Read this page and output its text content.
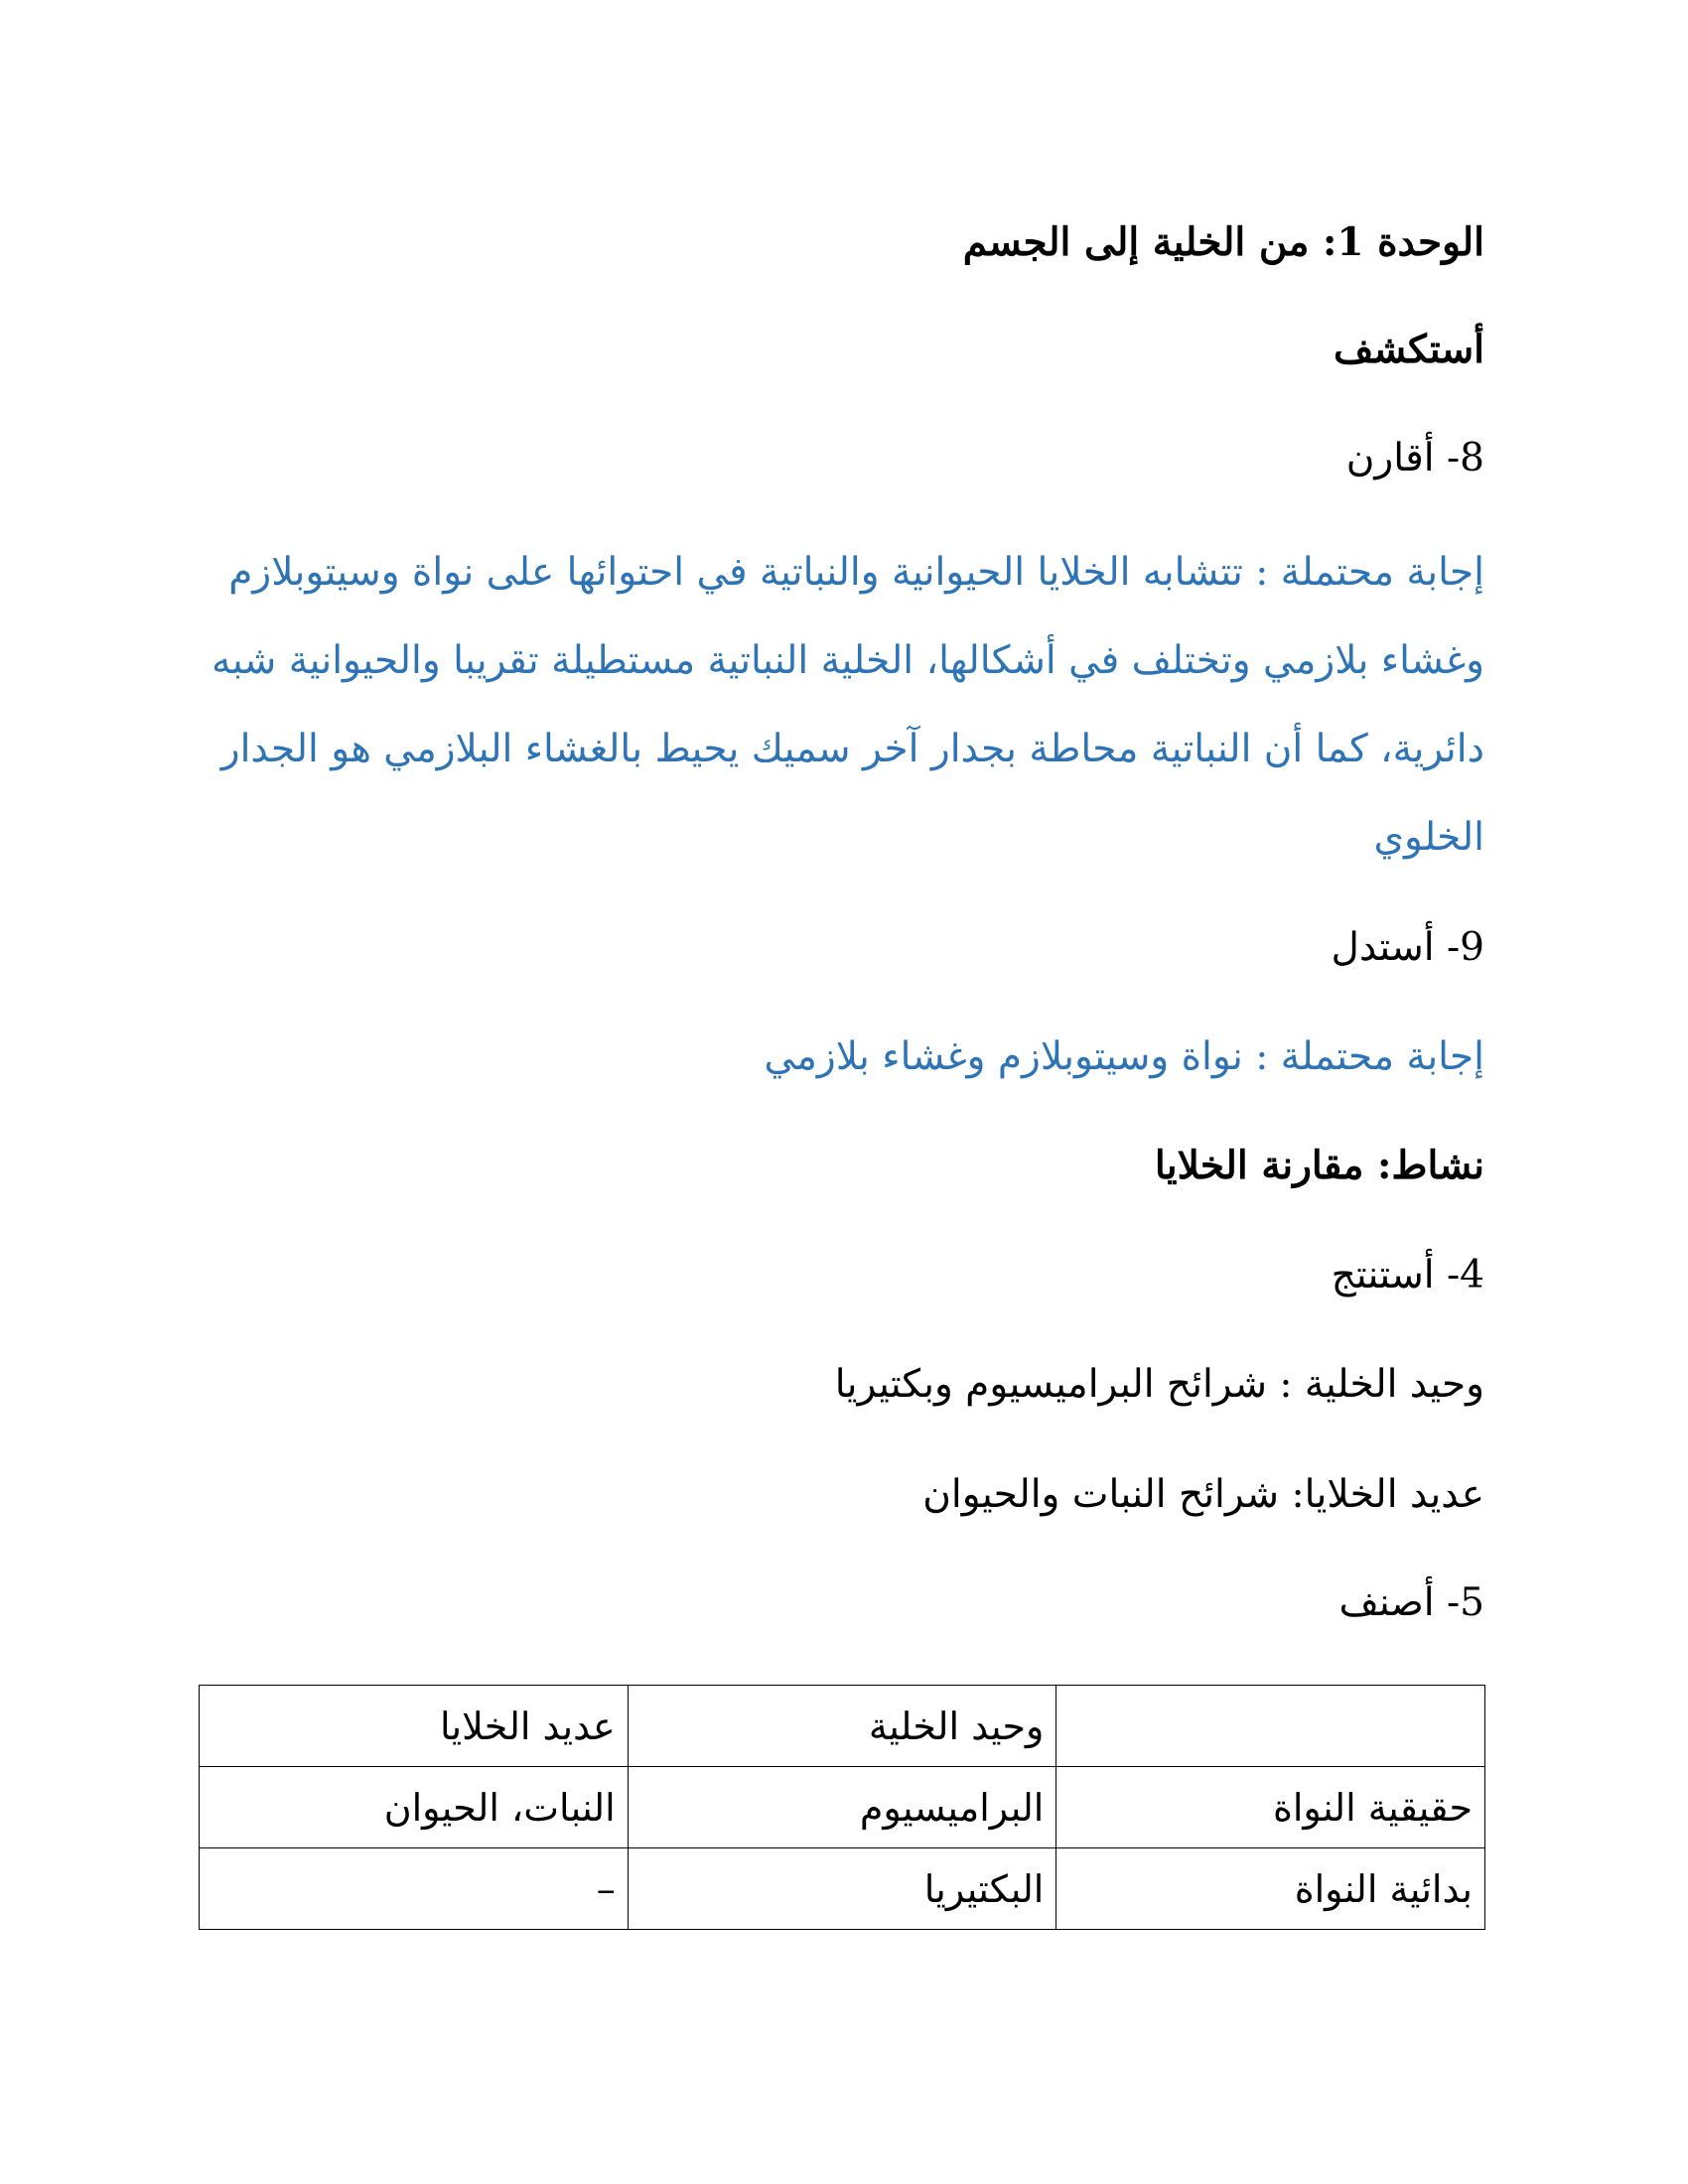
الوحدة 1: من الخلية إلى الجسم
أستكشف
8- أقارن
إجابة محتملة : تتشابه الخلايا الحيوانية والنباتية في احتوائها على نواة وسيتوبلازم
وغشاء بلازمي وتختلف في أشكالها، الخلية النباتية مستطيلة تقريبا والحيوانية شبه
دائرية، كما أن النباتية محاطة بجدار آخر سميك يحيط بالغشاء البلازمي هو الجدار
الخلوي
9- أستدل
إجابة محتملة : نواة وسيتوبلازم وغشاء بلازمي
نشاط: مقارنة الخلايا
4- أستنتج
وحيد الخلية : شرائح البراميسيوم وبكتيريا
عديد الخلايا: شرائح النبات والحيوان
5- أصنف
	وحيد الخلية	عديد الخلايا
حقيقية النواة	البراميسيوم	النبات، الحيوان
بدائية النواة	البكتيريا	–
